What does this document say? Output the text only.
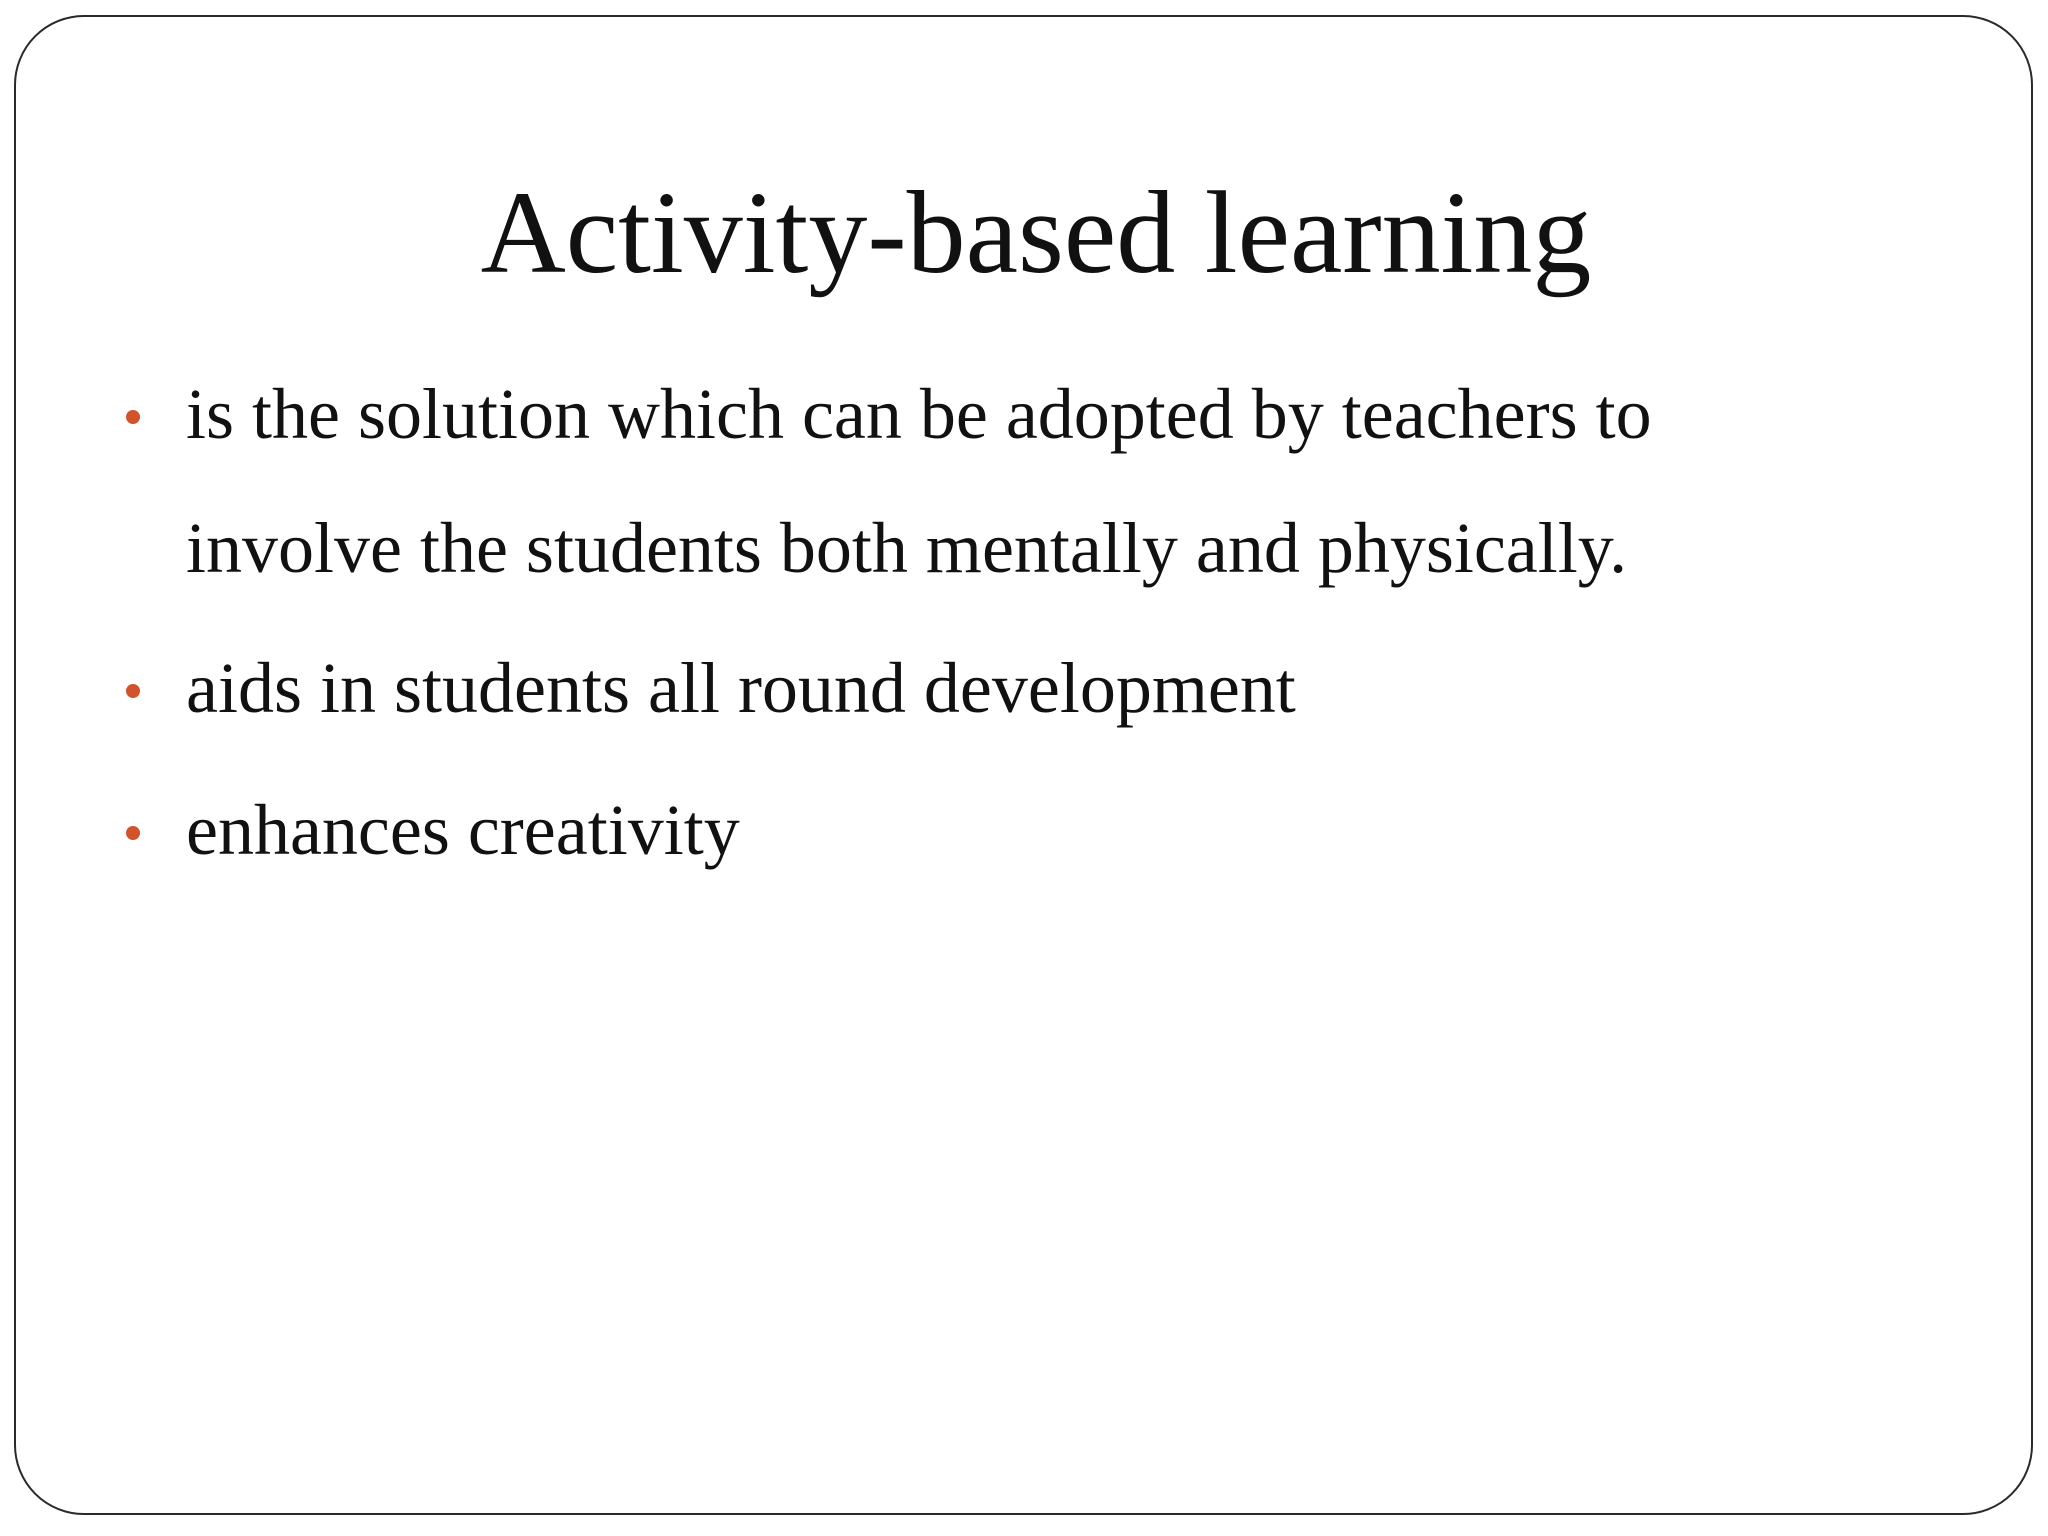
Activity-based learning
is the solution which can be adopted by teachers to involve the students both mentally and physically.
aids in students all round development
enhances creativity
